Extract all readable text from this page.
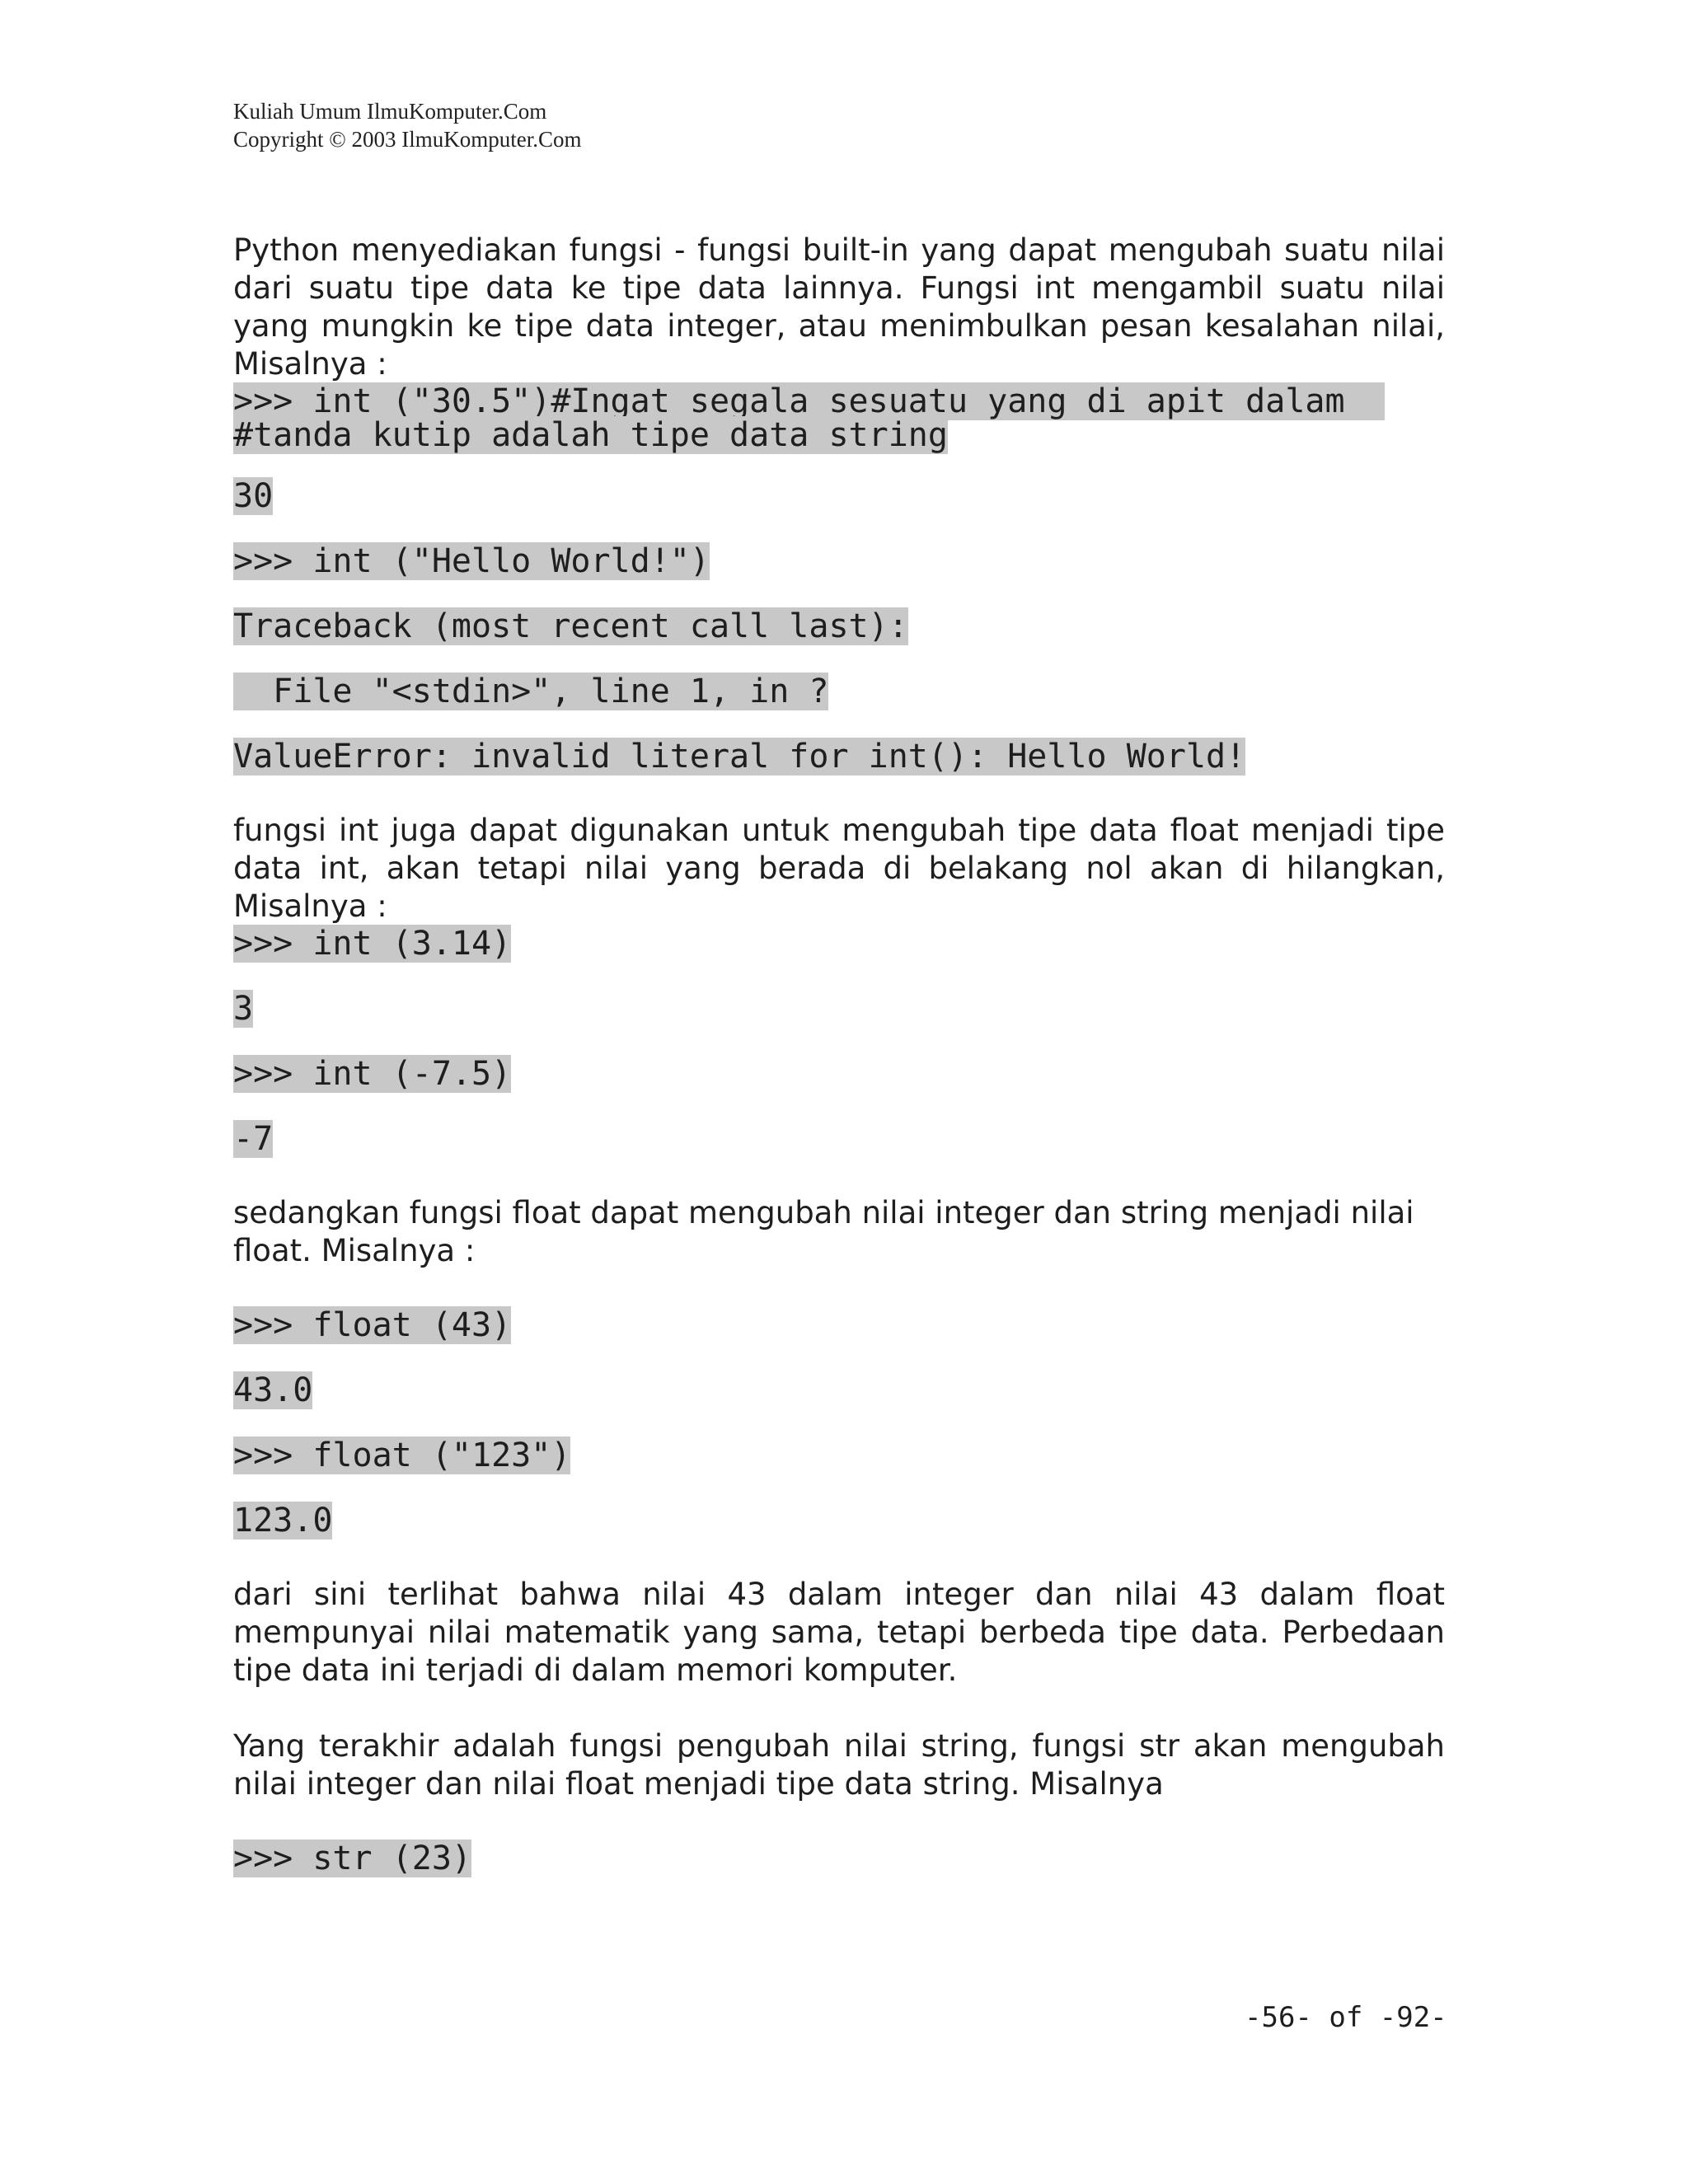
Kuliah Umum IlmuKomputer.Com
Copyright © 2003 IlmuKomputer.Com
Python menyediakan fungsi - fungsi built-in yang dapat mengubah suatu nilai dari suatu tipe data ke tipe data lainnya. Fungsi int mengambil suatu nilai yang mungkin ke tipe data integer, atau menimbulkan pesan kesalahan nilai, Misalnya :
>>> int ("30.5")#Ingat segala sesuatu yang di apit dalam  #tanda kutip adalah tipe data string
30
>>> int ("Hello World!")
Traceback (most recent call last):
File "<stdin>", line 1, in ?
ValueError: invalid literal for int(): Hello World!
fungsi int juga dapat digunakan untuk mengubah tipe data float menjadi tipe data int, akan tetapi nilai yang berada di belakang nol akan di hilangkan, Misalnya :
>>> int (3.14)
3
>>> int (-7.5)
-7
sedangkan fungsi float dapat mengubah nilai integer dan string menjadi nilai float. Misalnya :
>>> float (43)
43.0
>>> float ("123")
123.0
dari sini terlihat bahwa nilai 43 dalam integer dan nilai 43 dalam float mempunyai nilai matematik yang sama, tetapi berbeda tipe data. Perbedaan tipe data ini terjadi di dalam memori komputer.
Yang terakhir adalah fungsi pengubah nilai string, fungsi str akan mengubah nilai integer dan nilai float menjadi tipe data string. Misalnya
>>> str (23)
-56- of -92-
